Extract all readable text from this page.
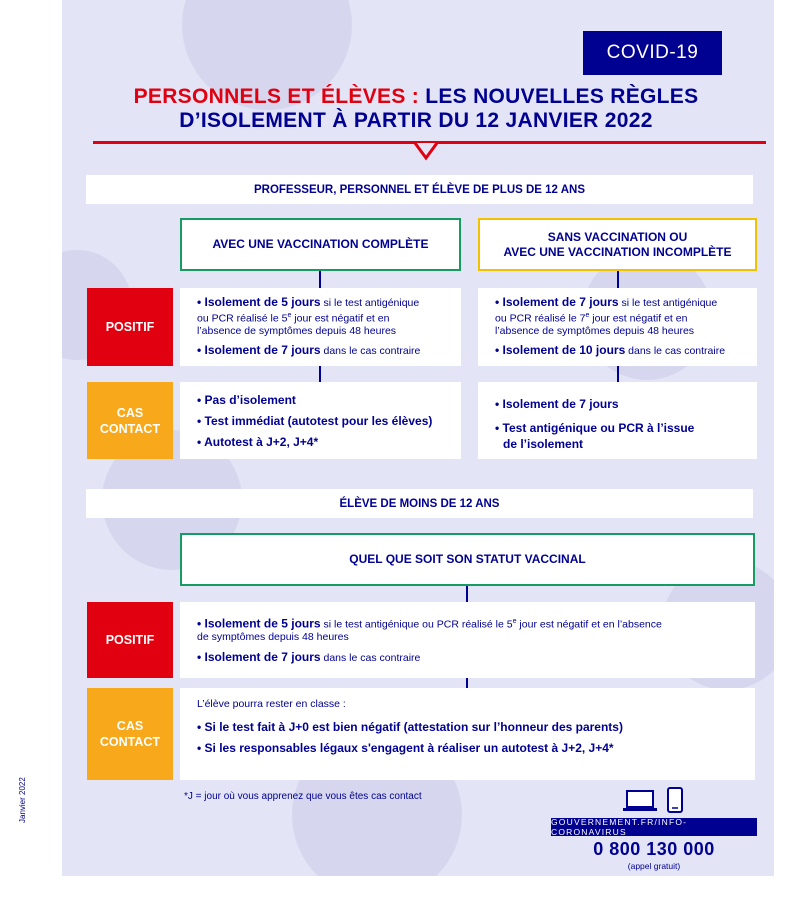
COVID-19
PERSONNELS ET ÉLÈVES : LES NOUVELLES RÈGLES
D’ISOLEMENT À PARTIR DU 12 JANVIER 2022
PROFESSEUR, PERSONNEL ET ÉLÈVE DE PLUS DE 12 ANS
AVEC UNE VACCINATION COMPLÈTE
SANS VACCINATION OU
AVEC UNE VACCINATION INCOMPLÈTE
POSITIF

• Isolement de 5 jours si le test antigénique
ou PCR réalisé le 5e jour est négatif et en
l’absence de symptômes depuis 48 heures

• Isolement de 7 jours dans le cas contraire

• Isolement de 7 jours si le test antigénique
ou PCR réalisé le 7e jour est négatif et en
l’absence de symptômes depuis 48 heures

• Isolement de 10 jours dans le cas contraire

CAS
CONTACT
• Pas d’isolement
• Test immédiat (autotest pour les élèves)
• Autotest à J+2, J+4*
• Isolement de 7 jours
• Test antigénique ou PCR à l’issue
de l’isolement
ÉLÈVE DE MOINS DE 12 ANS
QUEL QUE SOIT SON STATUT VACCINAL
POSITIF

• Isolement de 5 jours si le test antigénique ou PCR réalisé le 5e jour est négatif et en l’absence
de symptômes depuis 48 heures

• Isolement de 7 jours dans le cas contraire

CAS
CONTACT
L’élève pourra rester en classe :
• Si le test fait à J+0 est bien négatif (attestation sur l’honneur des parents)
• Si les responsables légaux s'engagent à réaliser un autotest à J+2, J+4*
*J = jour où vous apprenez que vous êtes cas contact
GOUVERNEMENT.FR/INFO-CORONAVIRUS
0 800 130 000
(appel gratuit)
Janvier 2022
